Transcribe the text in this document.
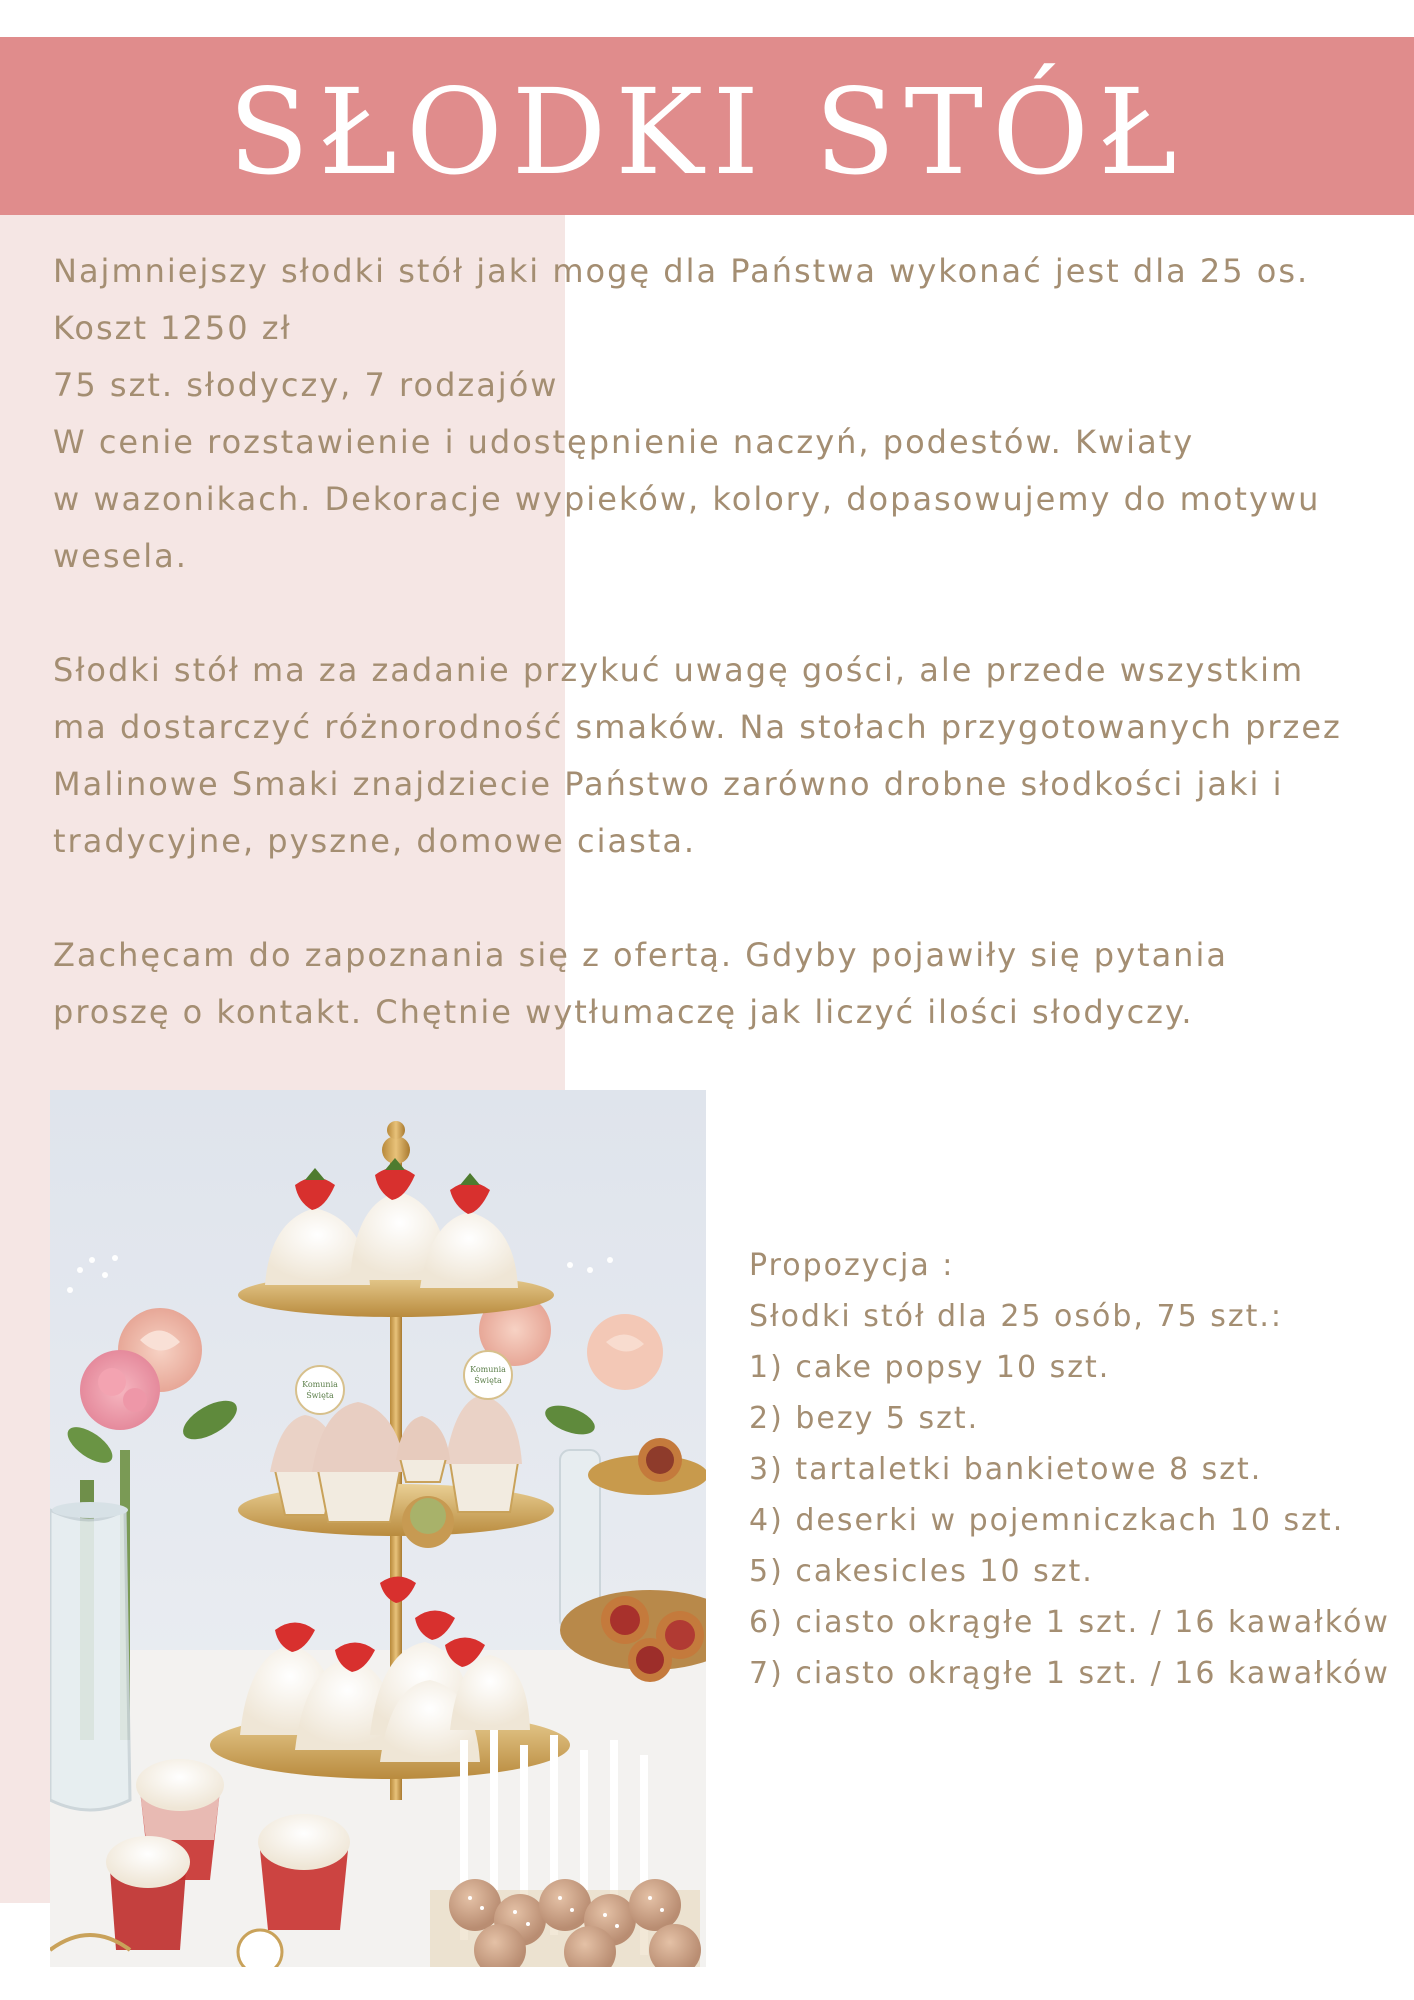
SŁODKI STÓŁ
Najmniejszy słodki stół jaki mogę dla Państwa wykonać jest dla 25 os.
Koszt 1250 zł
75 szt. słodyczy, 7 rodzajów
W cenie rozstawienie i udostępnienie naczyń, podestów. Kwiaty
w wazonikach. Dekoracje wypieków, kolory, dopasowujemy do motywu
wesela.
Słodki stół ma za zadanie przykuć uwagę gości, ale przede wszystkim
ma dostarczyć różnorodność smaków. Na stołach przygotowanych przez
Malinowe Smaki znajdziecie Państwo zarówno drobne słodkości jaki i
tradycyjne, pyszne, domowe ciasta.
Zachęcam do zapoznania się z ofertą. Gdyby pojawiły się pytania
proszę o kontakt. Chętnie wytłumaczę jak liczyć ilości słodyczy.
Komunia
Święta
Komunia
Święta
Propozycja :
Słodki stół dla 25 osób, 75 szt.:
1) cake popsy 10 szt.
2) bezy 5 szt.
3) tartaletki bankietowe 8 szt.
4) deserki w pojemniczkach 10 szt.
5) cakesicles 10 szt.
6) ciasto okrągłe 1 szt. / 16 kawałków
7) ciasto okrągłe 1 szt. / 16 kawałków
